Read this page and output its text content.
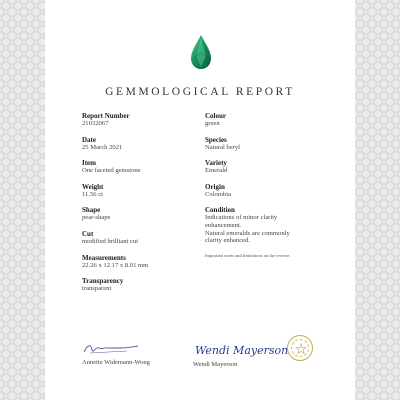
GEMMOLOGICAL REPORT
Report Number
21032067
Date
25 March 2021
Item
One faceted gemstone
Weight
11.56 ct
Shape
pear-shape
Cut
modified brilliant cut
Measurements
22.26 x 12.17 x 8.01 mm
Transparency
transparent
Colour
green
Species
Natural beryl
Variety
Emerald
Origin
Colombia
Condition
Indications of minor clarity
enhancement.
Natural emeralds are commonly
clarity enhanced.
Important notes and limitations on the reverse.
Annette Widemann-Wong
Wendi Mayerson
Wendi Mayerson
